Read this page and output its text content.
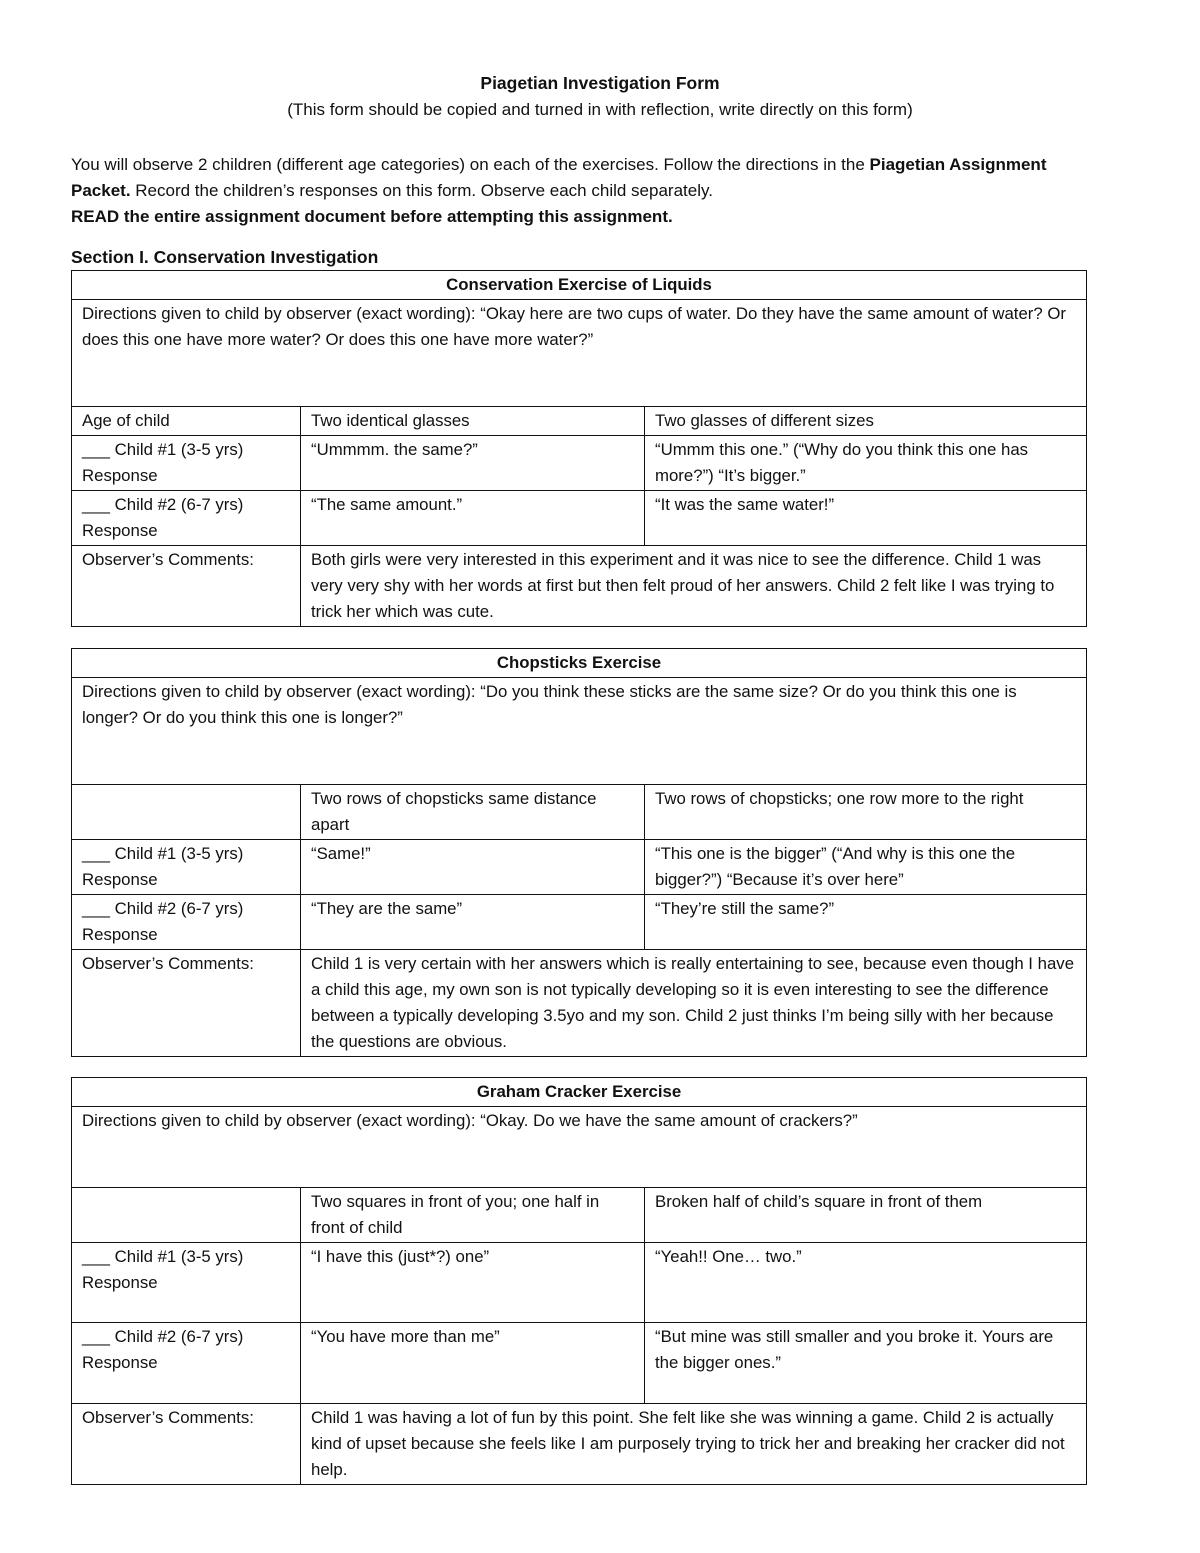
Piagetian Investigation Form
(This form should be copied and turned in with reflection, write directly on this form)
You will observe 2 children (different age categories) on each of the exercises. Follow the directions in the Piagetian Assignment Packet. Record the children’s responses on this form. Observe each child separately.
READ the entire assignment document before attempting this assignment.
Section I. Conservation Investigation
Conservation Exercise of Liquids		
Directions given to child by observer (exact wording): “Okay here are two cups of water. Do they have the same amount of water? Or does this one have more water? Or does this one have more water?”		
Age of child	Two identical glasses	Two glasses of different sizes
___ Child #1 (3-5 yrs) Response	“Ummmm. the same?”	“Ummm this one.” (“Why do you think this one has more?”) “It’s bigger.”
___ Child #2 (6-7 yrs) Response	“The same amount.”	“It was the same water!”
Observer’s Comments:	Both girls were very interested in this experiment and it was nice to see the difference. Child 1 was very very shy with her words at first but then felt proud of her answers. Child 2 felt like I was trying to trick her which was cute.	
Chopsticks Exercise		
Directions given to child by observer (exact wording): “Do you think these sticks are the same size? Or do you think this one is longer? Or do you think this one is longer?”		
	Two rows of chopsticks same distance apart	Two rows of chopsticks; one row more to the right
___ Child #1 (3-5 yrs) Response	“Same!”	“This one is the bigger” (“And why is this one the bigger?”) “Because it’s over here”
___ Child #2 (6-7 yrs) Response	“They are the same”	“They’re still the same?”
Observer’s Comments:	Child 1 is very certain with her answers which is really entertaining to see, because even though I have a child this age, my own son is not typically developing so it is even interesting to see the difference between a typically developing 3.5yo and my son. Child 2 just thinks I’m being silly with her because the questions are obvious.	
Graham Cracker Exercise		
Directions given to child by observer (exact wording): “Okay. Do we have the same amount of crackers?”		
	Two squares in front of you; one half in front of child	Broken half of child’s square in front of them
___ Child #1 (3-5 yrs) Response	“I have this (just*?) one”	“Yeah!! One… two.”
___ Child #2 (6-7 yrs) Response	“You have more than me”	“But mine was still smaller and you broke it. Yours are the bigger ones.”
Observer’s Comments:	Child 1 was having a lot of fun by this point. She felt like she was winning a game. Child 2 is actually kind of upset because she feels like I am purposely trying to trick her and breaking her cracker did not help.	
